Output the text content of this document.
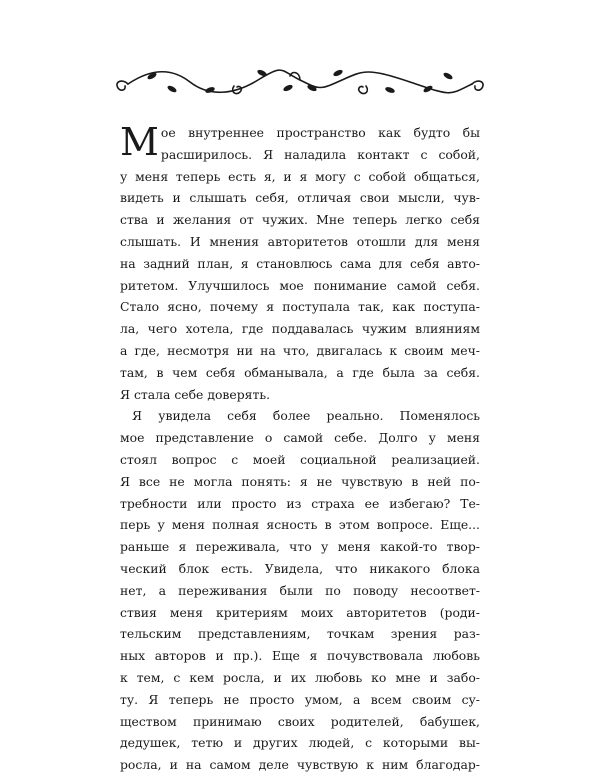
М ое внутреннее пространство как будто бы
расширилось. Я наладила контакт с собой,
у меня теперь есть я, и я могу с собой общаться,
видеть и слышать себя, отличая свои мысли, чув-
ства и желания от чужих. Мне теперь легко себя
слышать. И мнения авторитетов отошли для меня
на задний план, я становлюсь сама для себя авто-
ритетом. Улучшилось мое понимание самой себя.
Стало ясно, почему я поступала так, как поступа-
ла, чего хотела, где поддавалась чужим влияниям
а где, несмотря ни на что, двигалась к своим меч-
там, в чем себя обманывала, а где была за себя.
Я стала себе доверять.
Я увидела себя более реально. Поменялось
мое представление о самой себе. Долго у меня
стоял вопрос с моей социальной реализацией.
Я все не могла понять: я не чувствую в ней по-
требности или просто из страха ее избегаю? Те-
перь у меня полная ясность в этом вопросе. Еще...
раньше я переживала, что у меня какой-то твор-
ческий блок есть. Увидела, что никакого блока
нет, а переживания были по поводу несоответ-
ствия меня критериям моих авторитетов (роди-
тельским представлениям, точкам зрения раз-
ных авторов и пр.). Еще я почувствовала любовь
к тем, с кем росла, и их любовь ко мне и забо-
ту. Я теперь не просто умом, а всем своим су-
ществом принимаю своих родителей, бабушек,
дедушек, тетю и других людей, с которыми вы-
росла, и на самом деле чувствую к ним благодар-
